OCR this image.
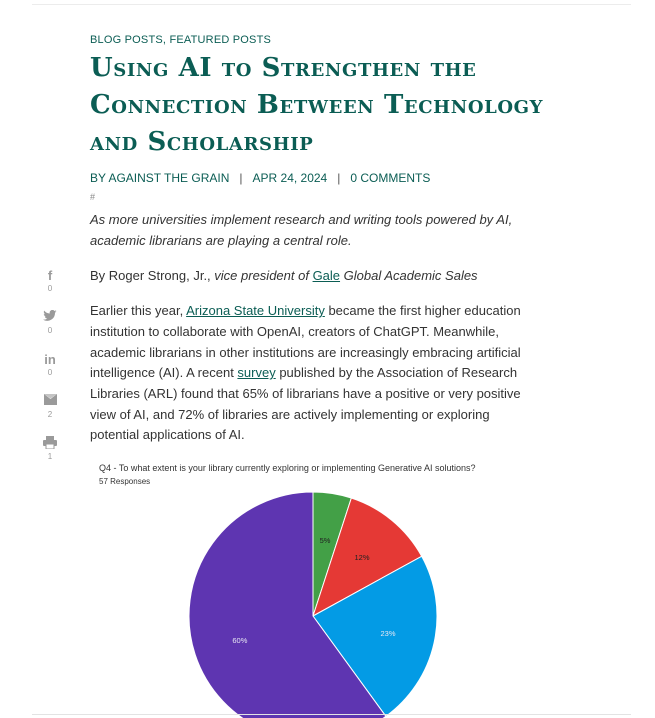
BLOG POSTS, FEATURED POSTS
Using AI to Strengthen the Connection Between Technology and Scholarship
BY AGAINST THE GRAIN | APR 24, 2024 | 0 COMMENTS
#

As more universities implement research and writing tools powered by AI, academic librarians are playing a central role.

By Roger Strong, Jr., vice president of Gale Global Academic Sales

Earlier this year, Arizona State University became the first higher education institution to collaborate with OpenAI, creators of ChatGPT. Meanwhile, academic librarians in other institutions are increasingly embracing artificial intelligence (AI). A recent survey published by the Association of Research Libraries (ARL) found that 65% of librarians have a positive or very positive view of AI, and 72% of libraries are actively implementing or exploring potential applications of AI.

f
0
0
in
0
2
1
Q4 - To what extent is your library currently exploring or implementing Generative AI solutions?
57 Responses
5%
12%
23%
60%
